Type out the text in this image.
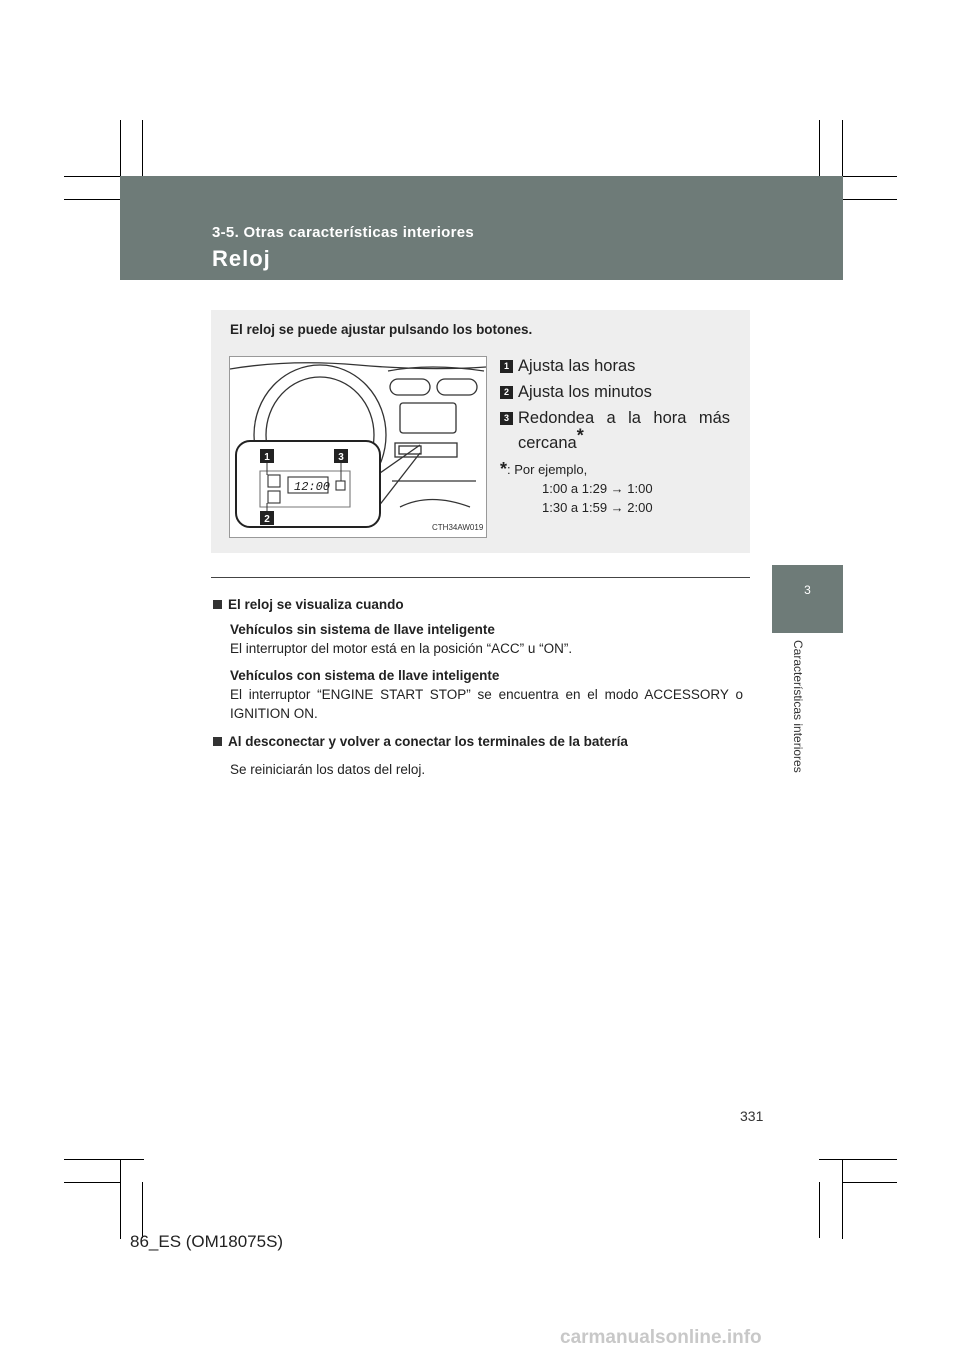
3-5. Otras características interiores
Reloj
3
Características interiores
El reloj se puede ajustar pulsando los botones.
12:00
1
2
3
CTH34AW019
1 Ajusta las horas
2 Ajusta los minutos
3 Redondea a la hora más cercana*
*: Por ejemplo,
1:00 a 1:29 → 1:00
1:30 a 1:59 → 2:00

El reloj se visualiza cuando

Vehículos sin sistema de llave inteligente
El interruptor del motor está en la posición “ACC” u “ON”.

Vehículos con sistema de llave inteligente
El interruptor “ENGINE START STOP” se encuentra en el modo ACCESSORY o IGNITION ON.

Al desconectar y volver a conectar los terminales de la batería

Se reiniciarán los datos del reloj.

331
86_ES (OM18075S)
carmanualsonline.info
